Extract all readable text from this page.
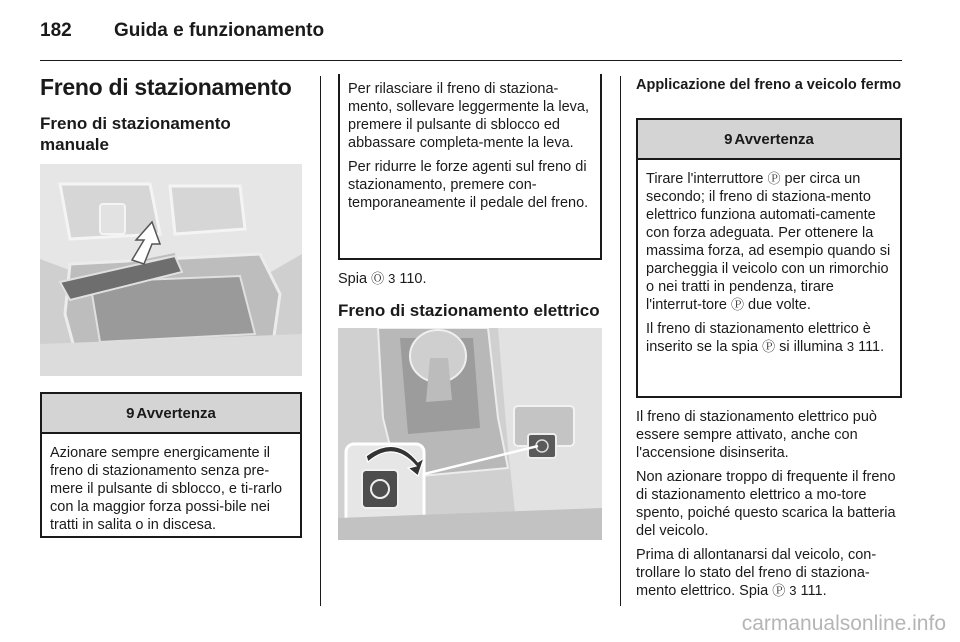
182 Guida e funzionamento
Freno di stazionamento
Freno di stazionamento manuale
9 Avvertenza

Azionare sempre energicamente il freno di stazionamento senza pre-mere il pulsante di sblocco, e ti-rarlo con la maggior forza possi-bile nei tratti in salita o in discesa.

Per rilasciare il freno di staziona-mento, sollevare leggermente la leva, premere il pulsante di sblocco ed abbassare completa-mente la leva.

Per ridurre le forze agenti sul freno di stazionamento, premere con-temporaneamente il pedale del freno.

Spia Ⓞ 3 110.

Freno di stazionamento elettrico
Applicazione del freno a veicolo fermo
9 Avvertenza

Tirare l'interruttore Ⓟ per circa un secondo; il freno di staziona-mento elettrico funziona automati-camente con forza adeguata. Per ottenere la massima forza, ad esempio quando si parcheggia il veicolo con un rimorchio o nei tratti in pendenza, tirare l'interrut-tore Ⓟ due volte.

Il freno di stazionamento elettrico è inserito se la spia Ⓟ si illumina 3 111.

Il freno di stazionamento elettrico può essere sempre attivato, anche con l'accensione disinserita.

Non azionare troppo di frequente il freno di stazionamento elettrico a mo-tore spento, poiché questo scarica la batteria del veicolo.

Prima di allontanarsi dal veicolo, con-trollare lo stato del freno di staziona-mento elettrico. Spia Ⓟ 3 111.

carmanualsonline.info
